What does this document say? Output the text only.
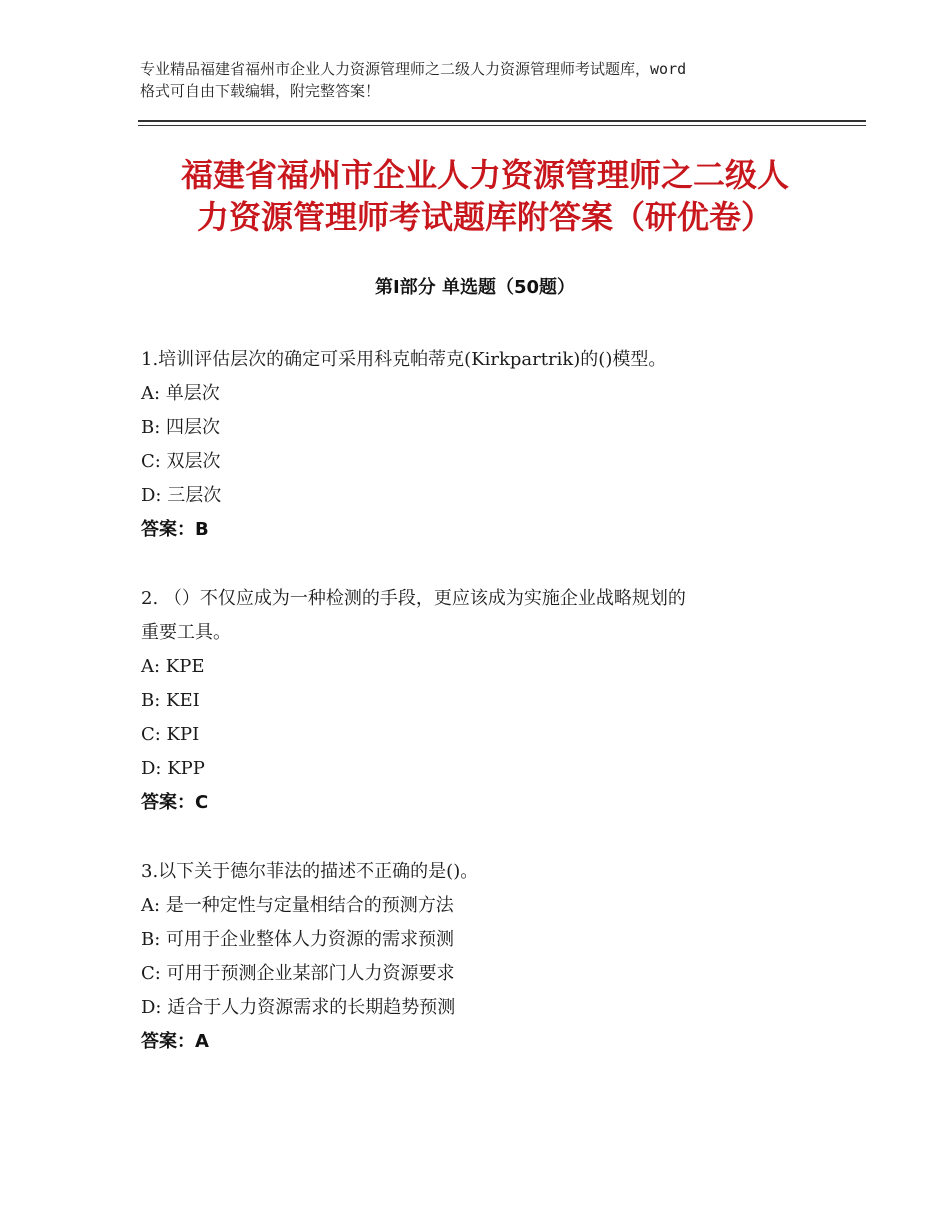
专业精品福建省福州市企业人力资源管理师之二级人力资源管理师考试题库，word
格式可自由下载编辑，附完整答案！
福建省福州市企业人力资源管理师之二级人
力资源管理师考试题库附答案（研优卷）
第Ⅰ部分 单选题（50题）
1.培训评估层次的确定可采用科克帕蒂克(Kirkpartrik)的()模型。
A: 单层次
B: 四层次
C: 双层次
D: 三层次
答案：B
2. （）不仅应成为一种检测的手段，更应该成为实施企业战略规划的
重要工具。
A: KPE
B: KEI
C: KPI
D: KPP
答案：C
3.以下关于德尔菲法的描述不正确的是()。
A: 是一种定性与定量相结合的预测方法
B: 可用于企业整体人力资源的需求预测
C: 可用于预测企业某部门人力资源要求
D: 适合于人力资源需求的长期趋势预测
答案：A
